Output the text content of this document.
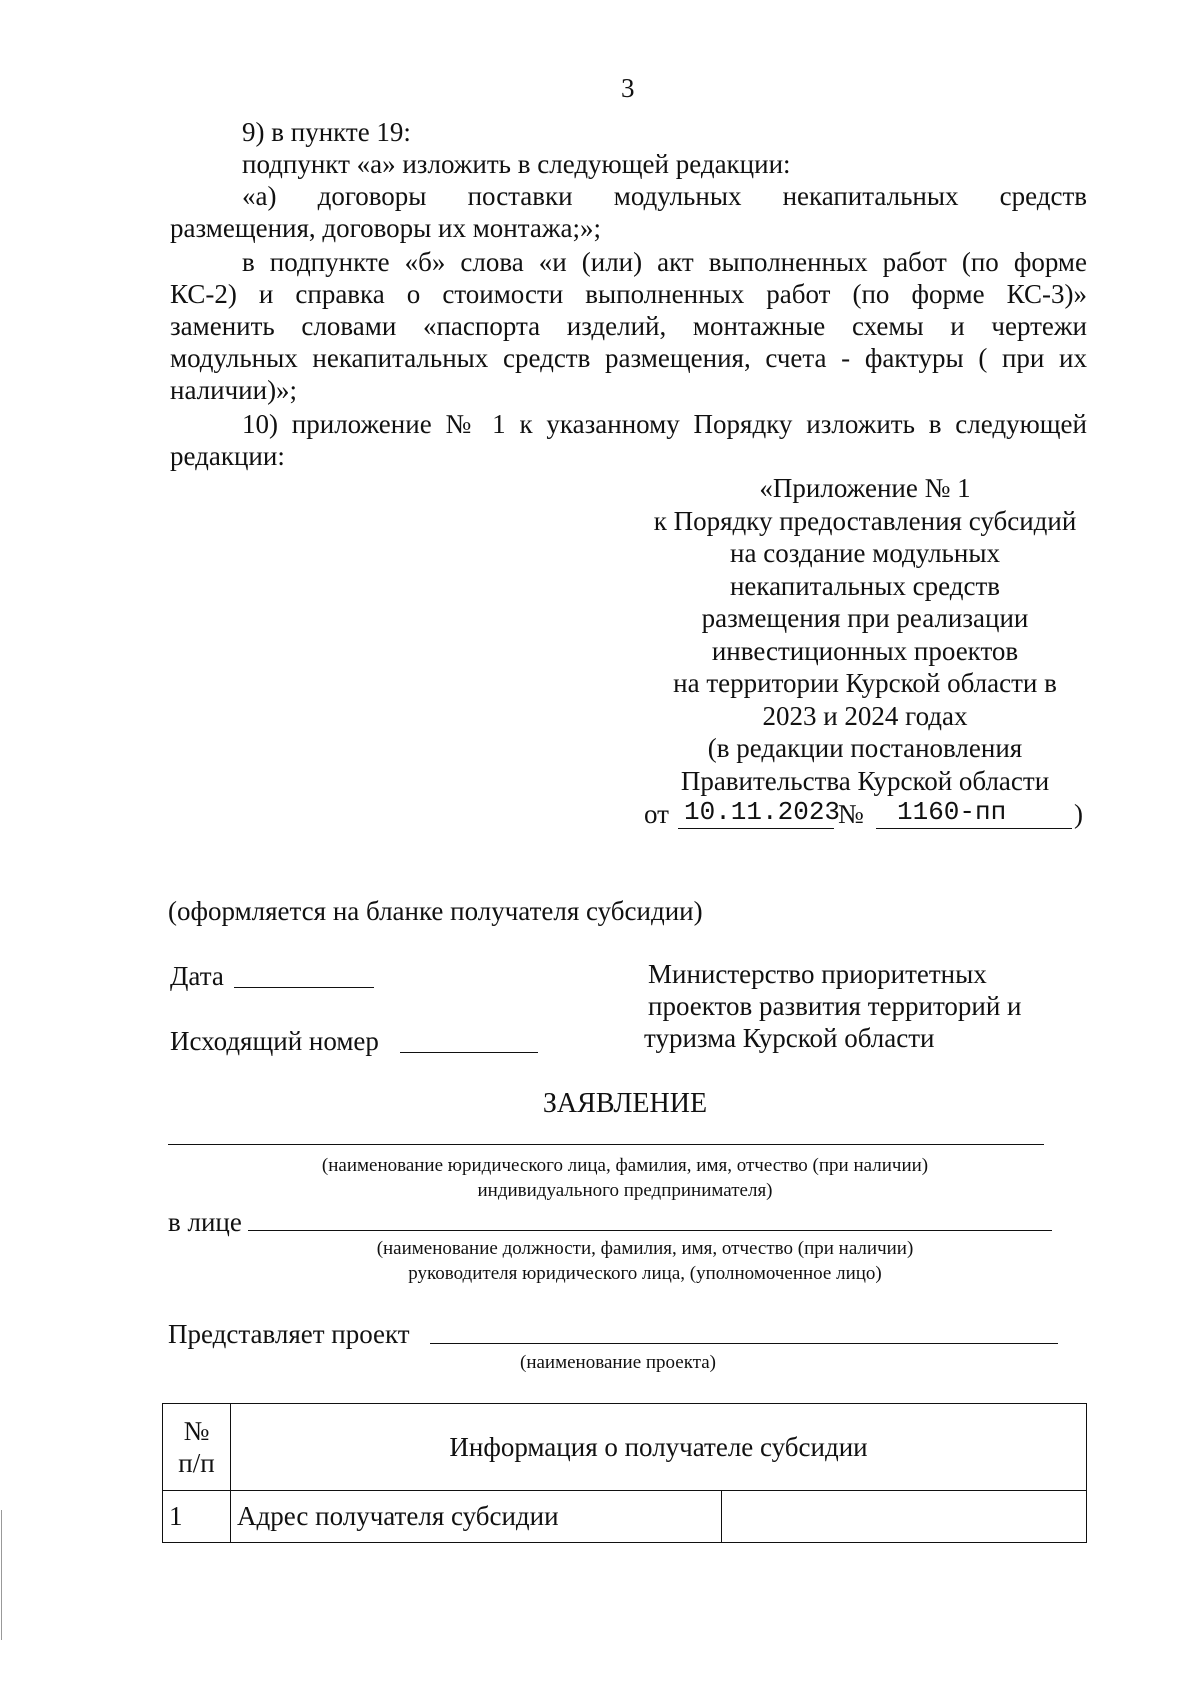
3
9) в пункте 19:
подпункт «а» изложить в следующей редакции:
«а) договоры поставки модульных некапитальных средств
размещения, договоры их монтажа;»;
в подпункте «б» слова «и (или) акт выполненных работ (по форме
КС-2) и справка о стоимости выполненных работ (по форме КС-3)»
заменить словами «паспорта изделий, монтажные схемы и чертежи
модульных некапитальных средств размещения, счета - фактуры ( при их
наличии)»;
10) приложение № 1 к указанному Порядку изложить в следующей
редакции:
«Приложение № 1
к Порядку предоставления субсидий
на создание модульных
некапитальных средств
размещения при реализации
инвестиционных проектов
на территории Курской области в
2023 и 2024 годах
(в редакции постановления
Правительства Курской области
от 10.11.2023
№ 1160-пп	)
(оформляется на бланке получателя субсидии)
Дата
Исходящий номер
Министерство приоритетных
проектов развития территорий и
туризма Курской области
ЗАЯВЛЕНИЕ
(наименование юридического лица, фамилия, имя, отчество (при наличии)
индивидуального предпринимателя)
в лице
(наименование должности, фамилия, имя, отчество (при наличии)
руководителя юридического лица, (уполномоченное лицо)
Представляет проект
(наименование проекта)
№
п/п	Информация о получателе субсидии	
1	Адрес получателя субсидии	
